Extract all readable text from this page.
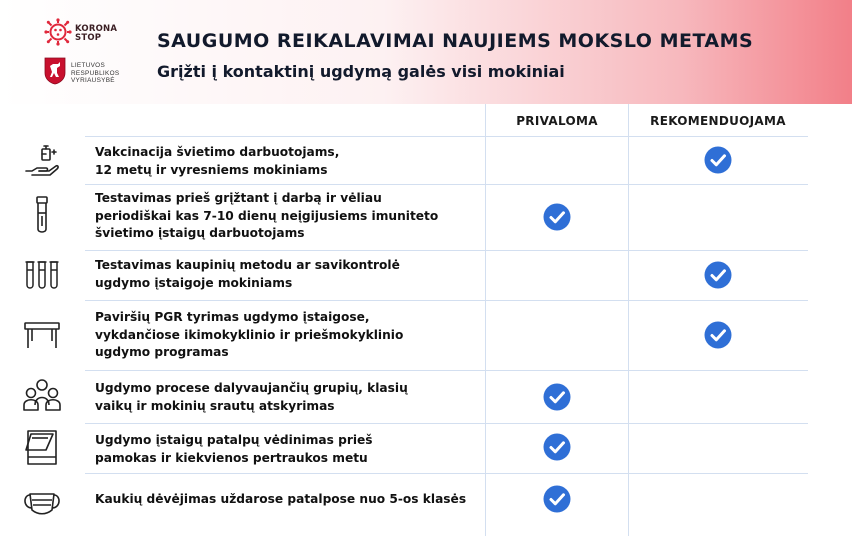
KORONA
STOP
LIETUVOS
RESPUBLIKOS
VYRIAUSYBĖ
SAUGUMO REIKALAVIMAI NAUJIEMS MOKSLO METAMS
Grįžti į kontaktinį ugdymą galės visi mokiniai
PRIVALOMA	REKOMENDUOJAMA
Vakcinacija švietimo darbuotojams,
12 metų ir vyresniems mokiniams
Testavimas prieš grįžtant į darbą ir vėliau
periodiškai kas 7-10 dienų neįgijusiems imuniteto
švietimo įstaigų darbuotojams
Testavimas kaupinių metodu ar savikontrolė
ugdymo įstaigoje mokiniams
Paviršių PGR tyrimas ugdymo įstaigose,
vykdančiose ikimokyklinio ir priešmokyklinio
ugdymo programas
Ugdymo procese dalyvaujančių grupių, klasių
vaikų ir mokinių srautų atskyrimas
Ugdymo įstaigų patalpų vėdinimas prieš
pamokas ir kiekvienos pertraukos metu
Kaukių dėvėjimas uždarose patalpose nuo 5-os klasės
